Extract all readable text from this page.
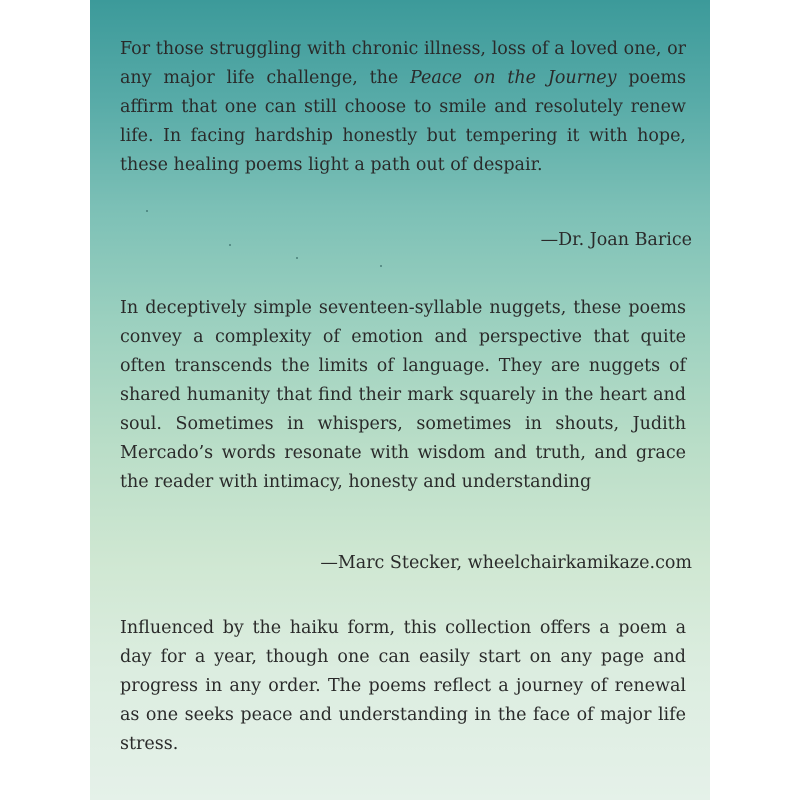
For those struggling with chronic illness, loss of a loved one, or any major life challenge, the Peace on the Journey poems affirm that one can still choose to smile and resolutely renew life. In facing hardship honestly but tempering it with hope, these healing poems light a path out of despair.

—Dr. Joan Barice

In deceptively simple seventeen-syllable nuggets, these poems convey a complexity of emotion and perspective that quite often transcends the limits of language. They are nuggets of shared humanity that find their mark squarely in the heart and soul. Sometimes in whispers, sometimes in shouts, Judith Mercado’s words resonate with wisdom and truth, and grace the reader with intimacy, honesty and understanding

—Marc Stecker, wheelchairkamikaze.com

Influenced by the haiku form, this collection offers a poem a day for a year, though one can easily start on any page and progress in any order. The poems reflect a journey of renewal as one seeks peace and understanding in the face of major life stress.
